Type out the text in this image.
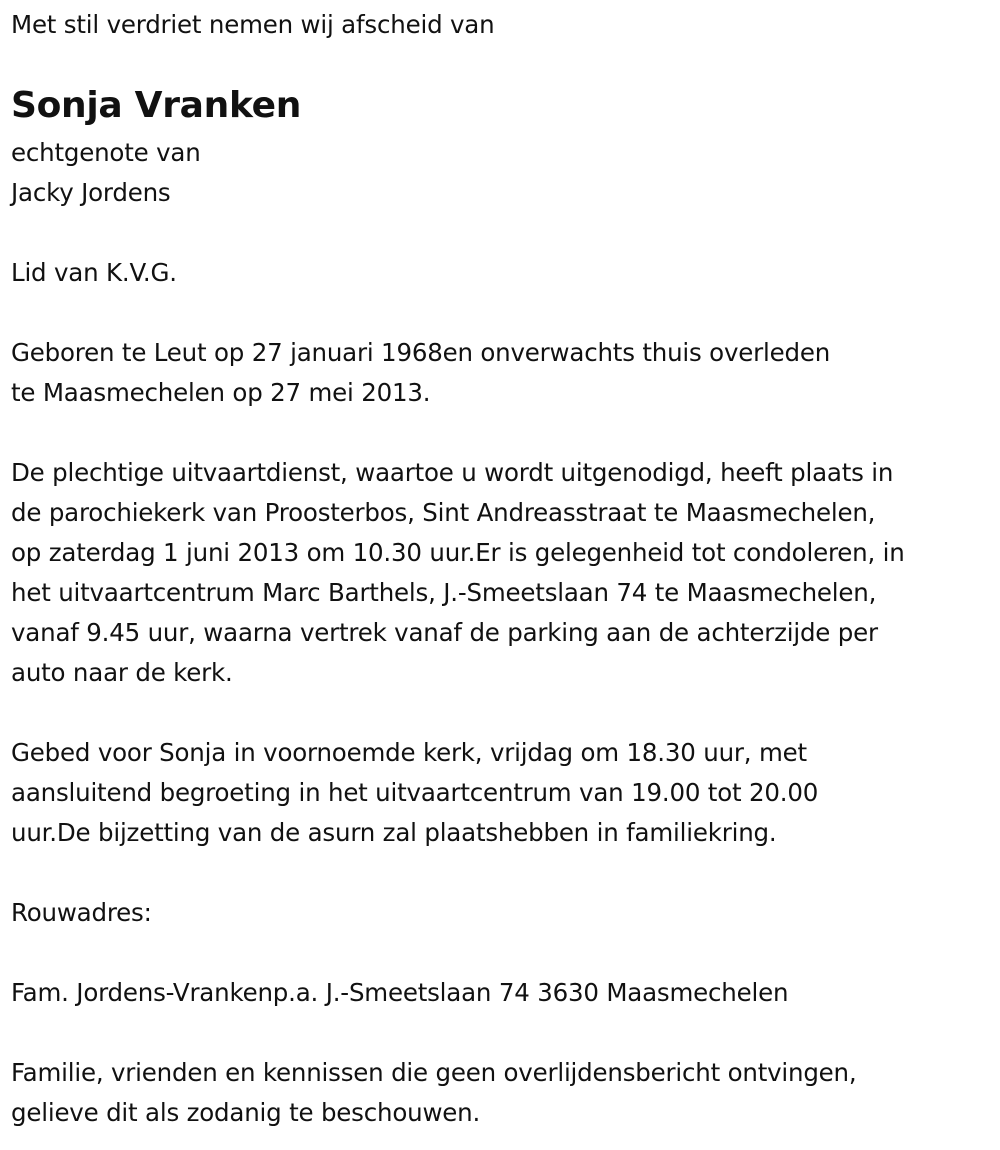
Met stil verdriet nemen wij afscheid van
Sonja Vranken
echtgenote van
Jacky Jordens
Lid van K.V.G.
Geboren te Leut op 27 januari 1968en onverwachts thuis overleden
te Maasmechelen op 27 mei 2013.
De plechtige uitvaartdienst, waartoe u wordt uitgenodigd, heeft plaats in
de parochiekerk van Proosterbos, Sint Andreasstraat te Maasmechelen,
op zaterdag 1 juni 2013 om 10.30 uur.Er is gelegenheid tot condoleren, in
het uitvaartcentrum Marc Barthels, J.-Smeetslaan 74 te Maasmechelen,
vanaf 9.45 uur, waarna vertrek vanaf de parking aan de achterzijde per
auto naar de kerk.
Gebed voor Sonja in voornoemde kerk, vrijdag om 18.30 uur, met
aansluitend begroeting in het uitvaartcentrum van 19.00 tot 20.00
uur.De bijzetting van de asurn zal plaatshebben in familiekring.
Rouwadres:
Fam. Jordens-Vrankenp.a. J.-Smeetslaan 74 3630 Maasmechelen
Familie, vrienden en kennissen die geen overlijdensbericht ontvingen,
gelieve dit als zodanig te beschouwen.
